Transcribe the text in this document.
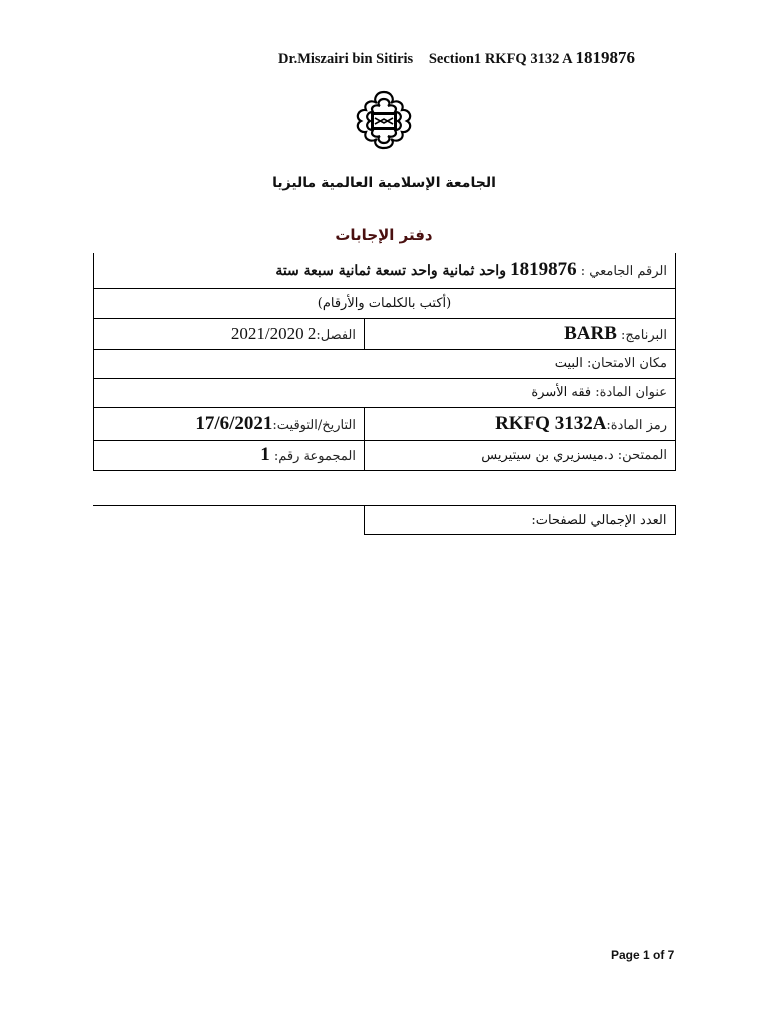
Dr.Miszairi bin Sitiris Section1 RKFQ 3132 A 1819876
الجامعة الإسلامية العالمية ماليزيا
دفتر الإجابات
الرقم الجامعي : 1819876 واحد ثمانية واحد تسعة ثمانية سبعة ستة	
(أكتب بالكلمات والأرقام)	
البرنامج: BARB	الفصل:2 2021/2020
مكان الامتحان: البيت	
عنوان المادة: فقه الأسرة	
رمز المادة:RKFQ 3132A	التاريخ/التوقيت:17/6/2021
الممتحن: د.ميسزيري بن سيتيريس	المجموعة رقم: 1
العدد الإجمالي للصفحات:	
Page 1 of 7
